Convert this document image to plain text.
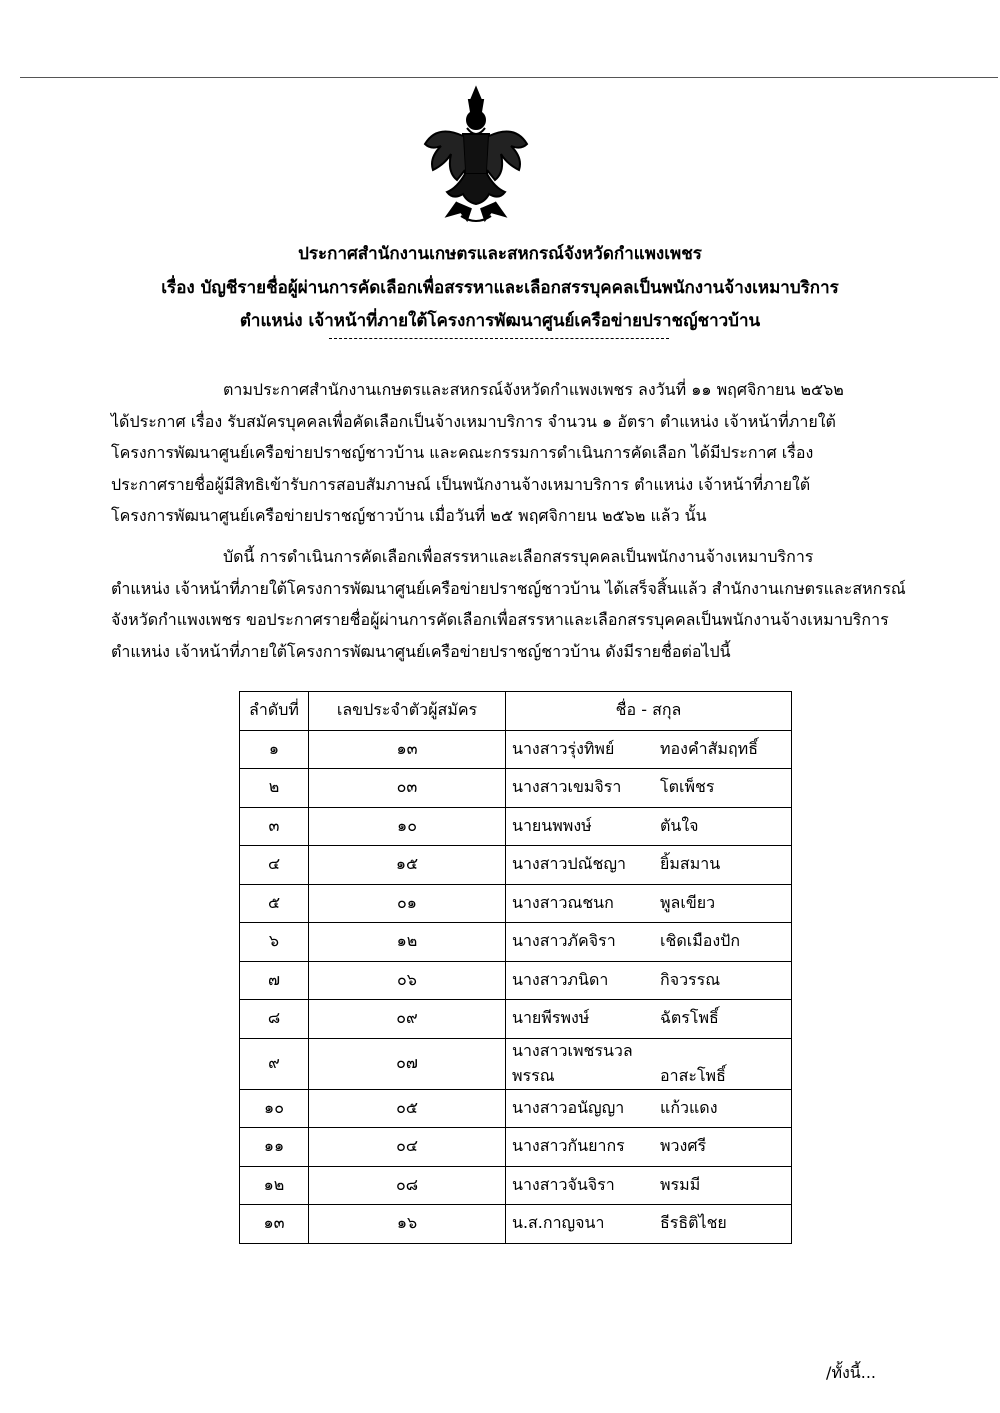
ประกาศสำนักงานเกษตรและสหกรณ์จังหวัดกำแพงเพชร
เรื่อง บัญชีรายชื่อผู้ผ่านการคัดเลือกเพื่อสรรหาและเลือกสรรบุคคลเป็นพนักงานจ้างเหมาบริการ
ตำแหน่ง เจ้าหน้าที่ภายใต้โครงการพัฒนาศูนย์เครือข่ายปราชญ์ชาวบ้าน
ตามประกาศสำนักงานเกษตรและสหกรณ์จังหวัดกำแพงเพชร ลงวันที่ ๑๑ พฤศจิกายน ๒๕๖๒
ได้ประกาศ เรื่อง รับสมัครบุคคลเพื่อคัดเลือกเป็นจ้างเหมาบริการ จำนวน ๑ อัตรา ตำแหน่ง เจ้าหน้าที่ภายใต้
โครงการพัฒนาศูนย์เครือข่ายปราชญ์ชาวบ้าน และคณะกรรมการดำเนินการคัดเลือก ได้มีประกาศ เรื่อง
ประกาศรายชื่อผู้มีสิทธิเข้ารับการสอบสัมภาษณ์ เป็นพนักงานจ้างเหมาบริการ ตำแหน่ง เจ้าหน้าที่ภายใต้
โครงการพัฒนาศูนย์เครือข่ายปราชญ์ชาวบ้าน เมื่อวันที่ ๒๕ พฤศจิกายน ๒๕๖๒ แล้ว นั้น
บัดนี้ การดำเนินการคัดเลือกเพื่อสรรหาและเลือกสรรบุคคลเป็นพนักงานจ้างเหมาบริการ
ตำแหน่ง เจ้าหน้าที่ภายใต้โครงการพัฒนาศูนย์เครือข่ายปราชญ์ชาวบ้าน ได้เสร็จสิ้นแล้ว สำนักงานเกษตรและสหกรณ์
จังหวัดกำแพงเพชร ขอประกาศรายชื่อผู้ผ่านการคัดเลือกเพื่อสรรหาและเลือกสรรบุคคลเป็นพนักงานจ้างเหมาบริการ
ตำแหน่ง เจ้าหน้าที่ภายใต้โครงการพัฒนาศูนย์เครือข่ายปราชญ์ชาวบ้าน ดังมีรายชื่อต่อไปนี้
ลำดับที่	เลขประจำตัวผู้สมัคร	ชื่อ - สกุล
๑	๑๓	นางสาวรุ่งทิพย์ ทองคำสัมฤทธิ์
๒	๐๓	นางสาวเขมจิรา โตเพ็ชร
๓	๑๐	นายนพพงษ์ ตันใจ
๔	๑๕	นางสาวปณัชญา ยิ้มสมาน
๕	๐๑	นางสาวณชนก พูลเขียว
๖	๑๒	นางสาวภัคจิรา เชิดเมืองปัก
๗	๐๖	นางสาวภนิดา กิจวรรณ
๘	๐๙	นายพีรพงษ์ ฉัตรโพธิ์
๙	๐๗	นางสาวเพชรนวลพรรณ อาสะโพธิ์
๑๐	๐๕	นางสาวอนัญญา แก้วแดง
๑๑	๐๔	นางสาวกันยากร พวงศรี
๑๒	๐๘	นางสาวจันจิรา พรมมี
๑๓	๑๖	น.ส.กาญจนา ธีรธิติไชย
/ทั้งนี้...
